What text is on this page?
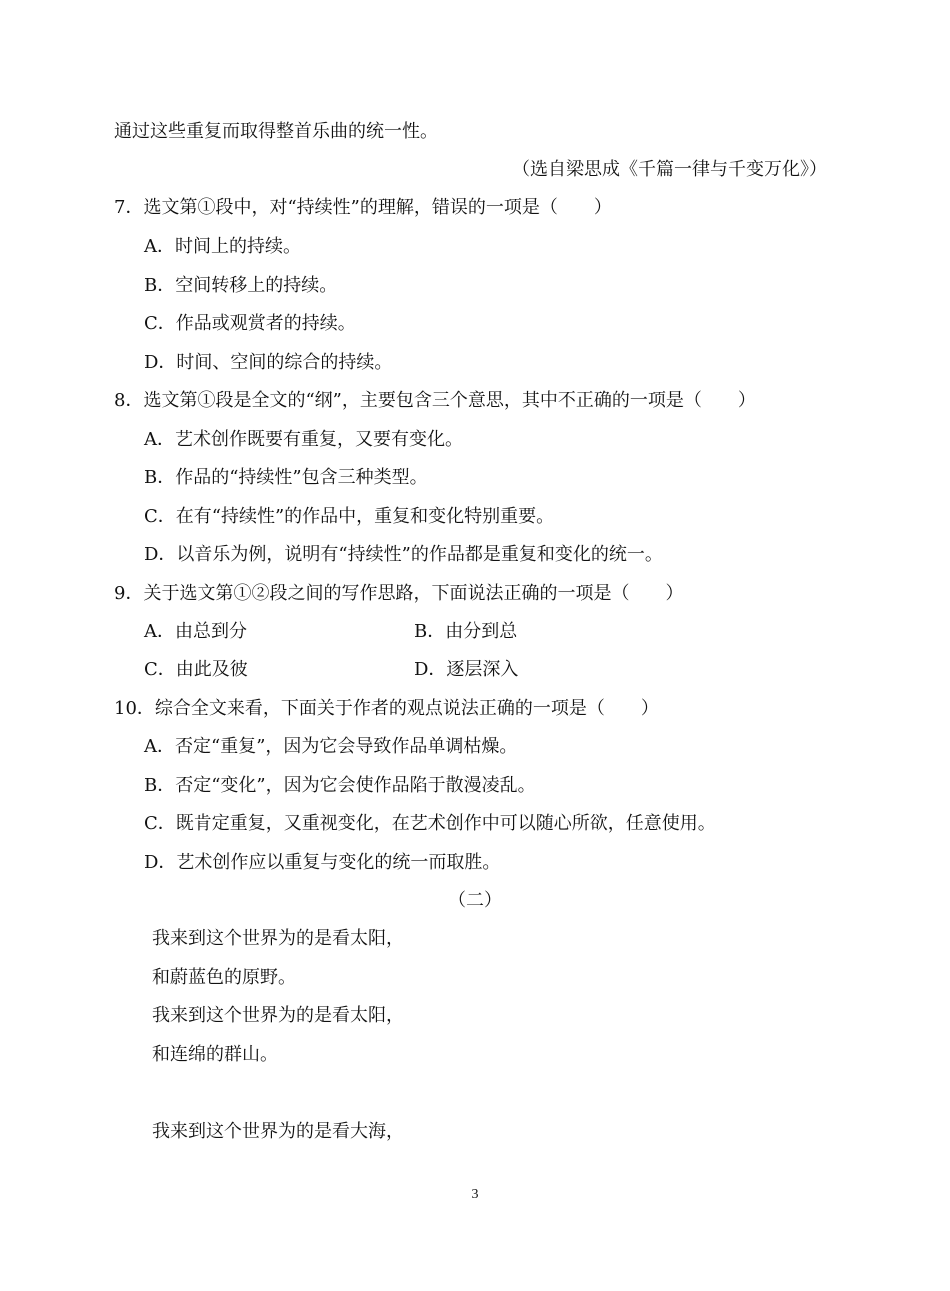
通过这些重复而取得整首乐曲的统一性。
（选自梁思成《千篇一律与千变万化》）
7．选文第①段中，对“持续性”的理解，错误的一项是（　　）
A．时间上的持续。
B．空间转移上的持续。
C．作品或观赏者的持续。
D．时间、空间的综合的持续。
8．选文第①段是全文的“纲”，主要包含三个意思，其中不正确的一项是（　　）
A．艺术创作既要有重复，又要有变化。
B．作品的“持续性”包含三种类型。
C．在有“持续性”的作品中，重复和变化特别重要。
D．以音乐为例，说明有“持续性”的作品都是重复和变化的统一。
9．关于选文第①②段之间的写作思路，下面说法正确的一项是（　　）
A．由总到分	B．由分到总
C．由此及彼	D．逐层深入
10．综合全文来看，下面关于作者的观点说法正确的一项是（　　）
A．否定“重复”，因为它会导致作品单调枯燥。
B．否定“变化”，因为它会使作品陷于散漫凌乱。
C．既肯定重复，又重视变化，在艺术创作中可以随心所欲，任意使用。
D．艺术创作应以重复与变化的统一而取胜。
（二）
我来到这个世界为的是看太阳，
和蔚蓝色的原野。
我来到这个世界为的是看太阳，
和连绵的群山。
我来到这个世界为的是看大海，
3
